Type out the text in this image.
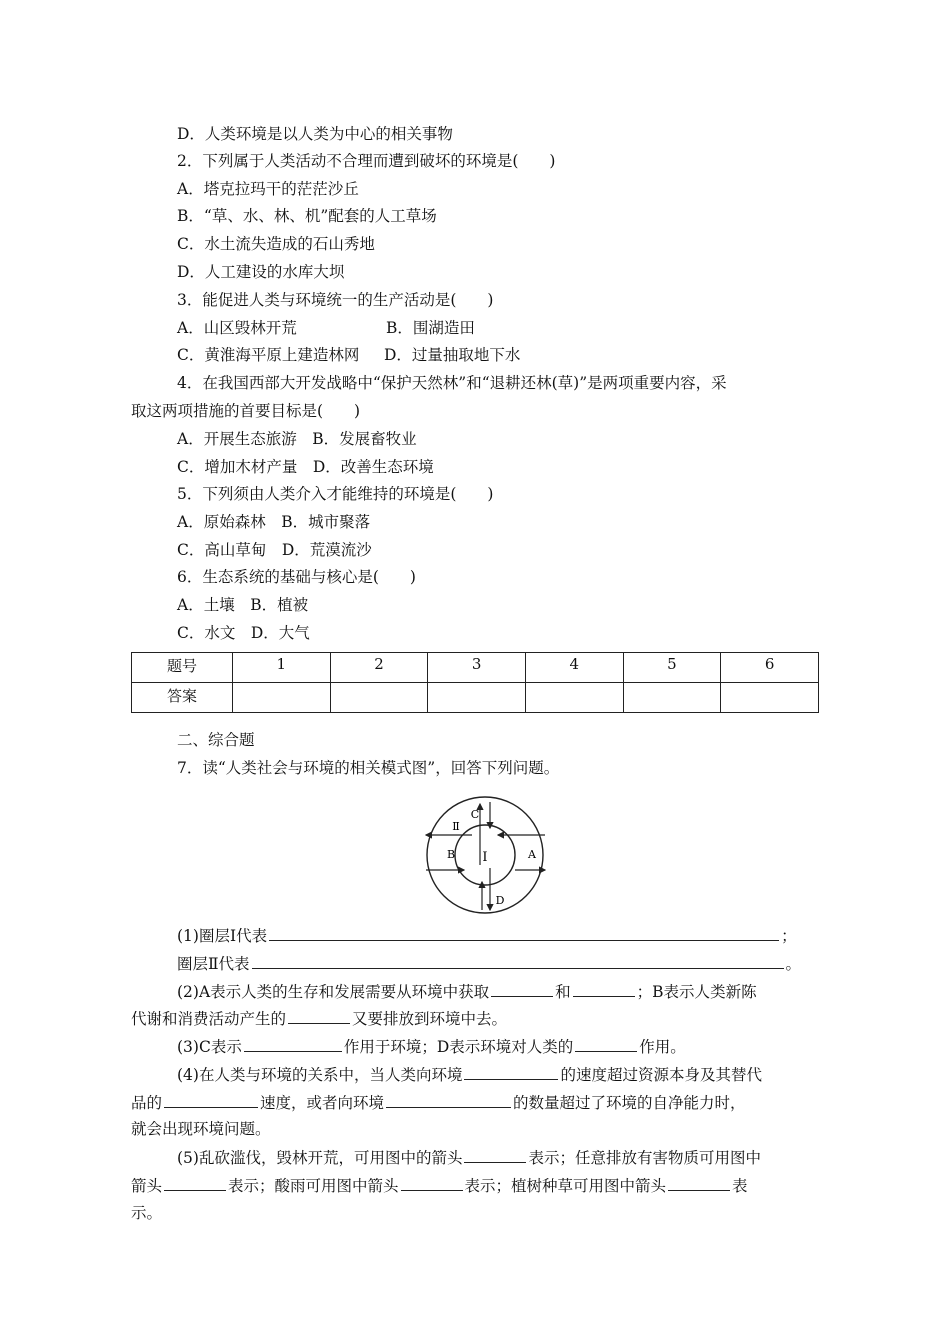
D．人类环境是以人类为中心的相关事物
2．下列属于人类活动不合理而遭到破坏的环境是(　　)
A．塔克拉玛干的茫茫沙丘
B．“草、水、林、机”配套的人工草场
C．水土流失造成的石山秀地
D．人工建设的水库大坝
3．能促进人类与环境统一的生产活动是(　　)
A．山区毁林开荒	B．围湖造田
C．黄淮海平原上建造林网 D．过量抽取地下水
4．在我国西部大开发战略中“保护天然林”和“退耕还林(草)”是两项重要内容，采
取这两项措施的首要目标是(　　)
A．开展生态旅游　B．发展畜牧业
C．增加木材产量　D．改善生态环境
5．下列须由人类介入才能维持的环境是(　　)
A．原始森林　B．城市聚落
C．高山草甸　D．荒漠流沙
6．生态系统的基础与核心是(　　)
A．土壤　B．植被
C．水文　D．大气
题号	1	2	3	4	5	6
答案						
二、综合题
7．读“人类社会与环境的相关模式图”，回答下列问题。
Ⅰ
Ⅱ
A
B
C
D
(1)圈层Ⅰ代表	；
圈层Ⅱ代表	。
(2)A表示人类的生存和发展需要从环境中获取	和	；B表示人类新陈
代谢和消费活动产生的	又要排放到环境中去。
(3)C表示	作用于环境；D表示环境对人类的	作用。
(4)在人类与环境的关系中，当人类向环境	的速度超过资源本身及其替代
品的	速度，或者向环境	的数量超过了环境的自净能力时，
就会出现环境问题。
(5)乱砍滥伐，毁林开荒，可用图中的箭头	表示；任意排放有害物质可用图中
箭头	表示；酸雨可用图中箭头	表示；植树种草可用图中箭头	表
示。
